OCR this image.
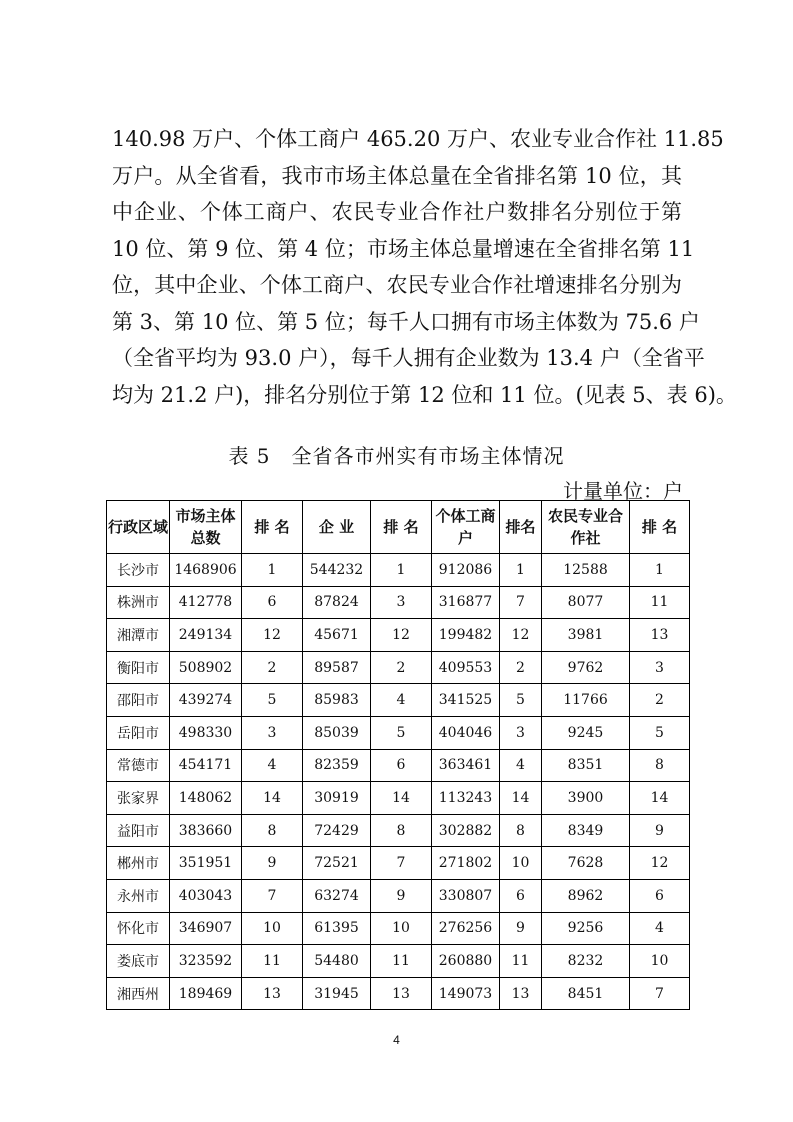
140.98 万户、个体工商户 465.20 万户、农业专业合作社 11.85
万户。从全省看，我市市场主体总量在全省排名第 10 位，其
中企业、个体工商户、农民专业合作社户数排名分别位于第
10 位、第 9 位、第 4 位；市场主体总量增速在全省排名第 11
位，其中企业、个体工商户、农民专业合作社增速排名分别为
第 3、第 10 位、第 5 位；每千人口拥有市场主体数为 75.6 户
（全省平均为 93.0 户），每千人拥有企业数为 13.4 户（全省平
均为 21.2 户)，排名分别位于第 12 位和 11 位。(见表 5、表 6)。
表 5　全省各市州实有市场主体情况
计量单位：户
行政区域	市场主体总数	排 名	企 业	排 名	个体工商户	排名	农民专业合作社	排 名
长沙市	1468906	1	544232	1	912086	1	12588	1
株洲市	412778	6	87824	3	316877	7	8077	11
湘潭市	249134	12	45671	12	199482	12	3981	13
衡阳市	508902	2	89587	2	409553	2	9762	3
邵阳市	439274	5	85983	4	341525	5	11766	2
岳阳市	498330	3	85039	5	404046	3	9245	5
常德市	454171	4	82359	6	363461	4	8351	8
张家界	148062	14	30919	14	113243	14	3900	14
益阳市	383660	8	72429	8	302882	8	8349	9
郴州市	351951	9	72521	7	271802	10	7628	12
永州市	403043	7	63274	9	330807	6	8962	6
怀化市	346907	10	61395	10	276256	9	9256	4
娄底市	323592	11	54480	11	260880	11	8232	10
湘西州	189469	13	31945	13	149073	13	8451	7
4
